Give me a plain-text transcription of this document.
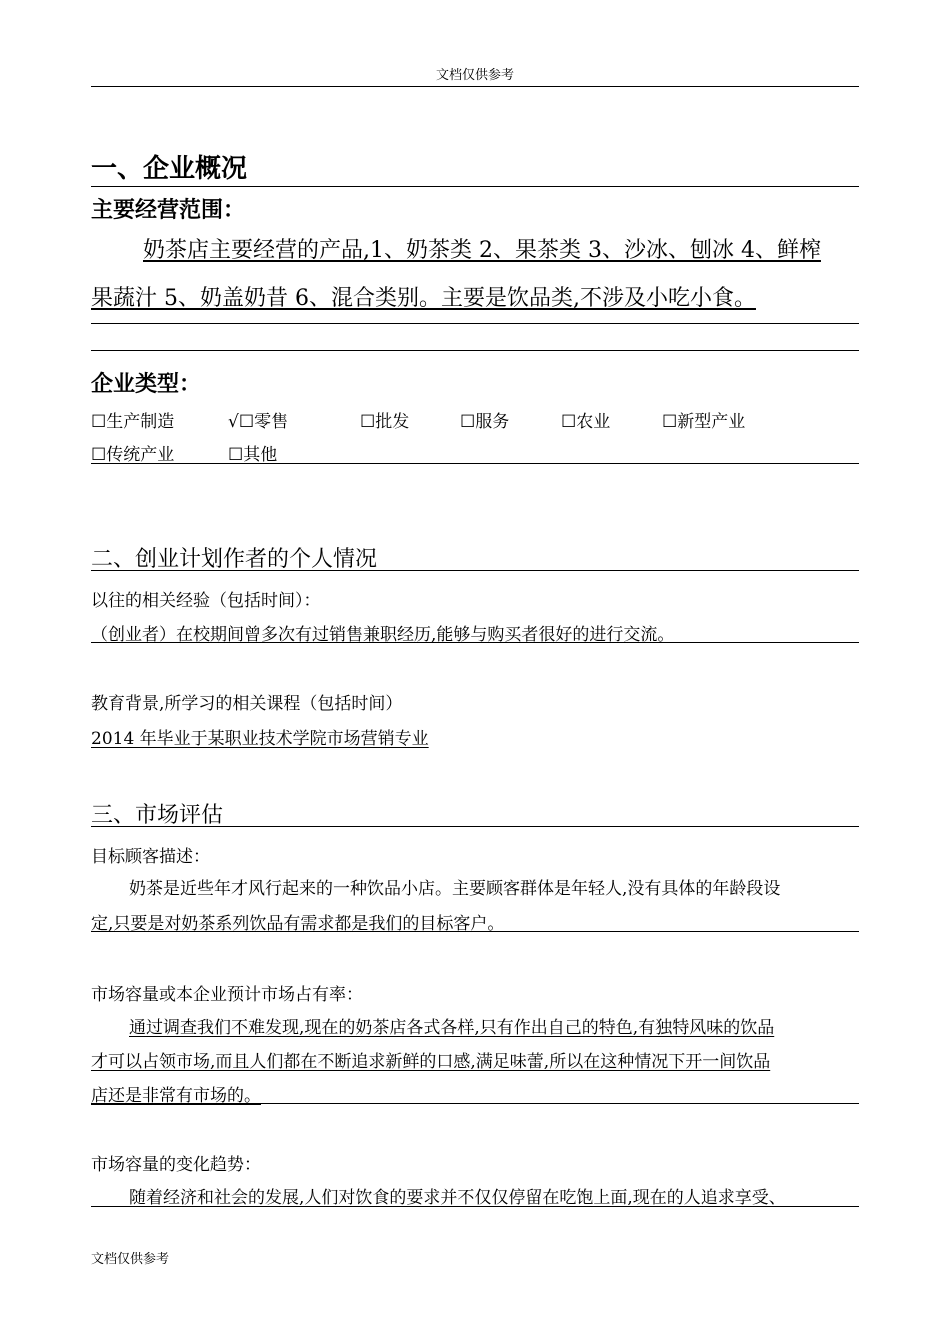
文档仅供参考
一、企业概况
主要经营范围：
奶茶店主要经营的产品,1、奶茶类 2、果茶类 3、沙冰、刨冰 4、鲜榨
果蔬汁 5、奶盖奶昔 6、混合类别。主要是饮品类,不涉及小吃小食。
企业类型：
☐生产制造	√☐零售	☐批发	☐服务	☐农业	☐新型产业
☐传统产业	☐其他
二、创业计划作者的个人情况
以往的相关经验（包括时间）：
（创业者）在校期间曾多次有过销售兼职经历,能够与购买者很好的进行交流。
教育背景,所学习的相关课程（包括时间）
2014 年毕业于某职业技术学院市场营销专业
三、市场评估
目标顾客描述：
奶茶是近些年才风行起来的一种饮品小店。主要顾客群体是年轻人,没有具体的年龄段设
定,只要是对奶茶系列饮品有需求都是我们的目标客户。
市场容量或本企业预计市场占有率：
通过调查我们不难发现,现在的奶茶店各式各样,只有作出自己的特色,有独特风味的饮品
才可以占领市场,而且人们都在不断追求新鲜的口感,满足味蕾,所以在这种情况下开一间饮品
店还是非常有市场的。
市场容量的变化趋势：
随着经济和社会的发展,人们对饮食的要求并不仅仅停留在吃饱上面,现在的人追求享受、
文档仅供参考
